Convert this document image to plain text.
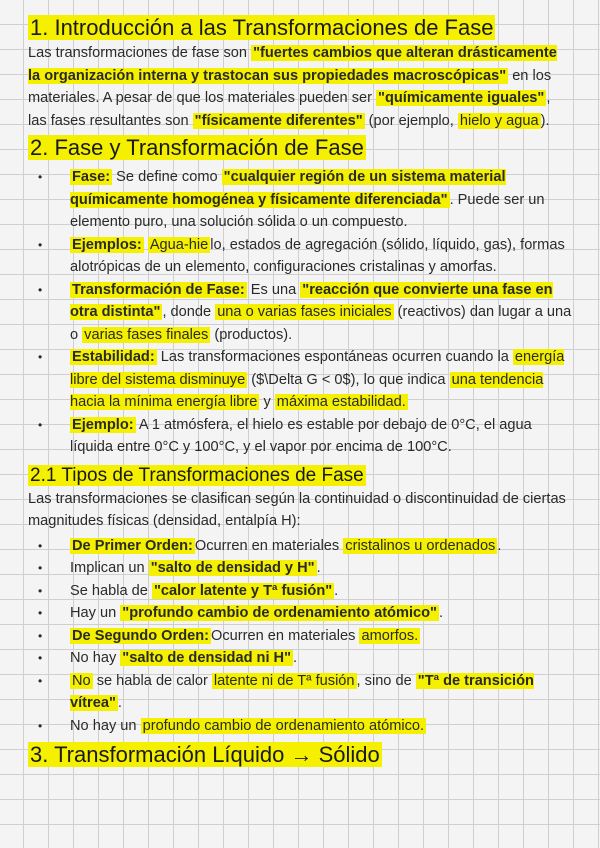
1. Introducción a las Transformaciones de Fase

Las transformaciones de fase son "fuertes cambios que alteran drásticamente la organización interna y trastocan sus propiedades macroscópicas" en los materiales. A pesar de que los materiales pueden ser "químicamente iguales" , las fases resultantes son "físicamente diferentes" (por ejemplo, hielo y agua ).

2. Fase y Transformación de Fase
• Fase: Se define como "cualquier región de un sistema material químicamente homogénea y físicamente diferenciada" . Puede ser un elemento puro, una solución sólida o un compuesto.
• Ejemplos: Agua-hie lo, estados de agregación (sólido, líquido, gas), formas alotrópicas de un elemento, configuraciones cristalinas y amorfas.
• Transformación de Fase: Es una "reacción que convierte una fase en otra distinta" , donde una o varias fases iniciales (reactivos) dan lugar a una o varias fases finales (productos).
• Estabilidad: Las transformaciones espontáneas ocurren cuando la energía libre del sistema disminuye ($\Delta G < 0$), lo que indica una tendencia hacia la mínima energía libre y máxima estabilidad.
• Ejemplo: A 1 atmósfera, el hielo es estable por debajo de 0°C, el agua líquida entre 0°C y 100°C, y el vapor por encima de 100°C.
2.1 Tipos de Transformaciones de Fase

Las transformaciones se clasifican según la continuidad o discontinuidad de ciertas magnitudes físicas (densidad, entalpía H):

• De Primer Orden: Ocurren en materiales cristalinos u ordenados .
• Implican un "salto de densidad y H" .
• Se habla de "calor latente y Tª fusión" .
• Hay un "profundo cambio de ordenamiento atómico" .
• De Segundo Orden: Ocurren en materiales amorfos.
• No hay "salto de densidad ni H" .
• No se habla de calor latente ni de Tª fusión , sino de "Tª de transición vítrea" .
• No hay un profundo cambio de ordenamiento atómico.
3. Transformación Líquido → Sólido
